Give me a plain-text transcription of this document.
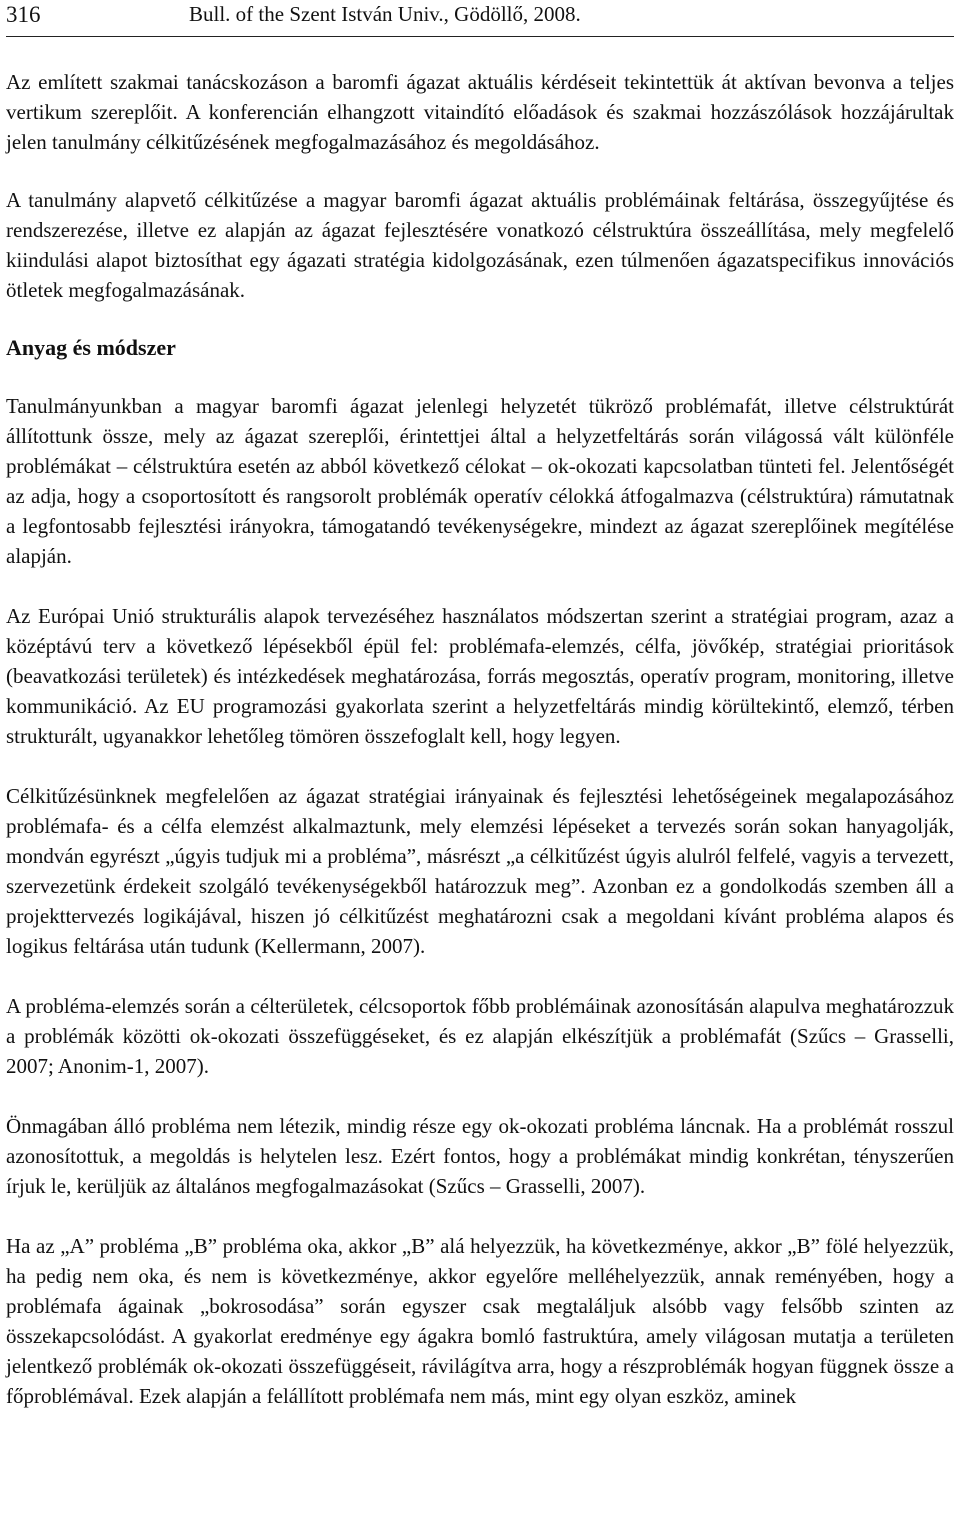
316	Bull. of the Szent István Univ., Gödöllő, 2008.

Az említett szakmai tanácskozáson a baromfi ágazat aktuális kérdéseit tekintettük át aktívan bevonva a teljes vertikum szereplőit. A konferencián elhangzott vitaindító előadások és szakmai hozzászólások hozzájárultak jelen tanulmány célkitűzésének megfogalmazásához és megoldásához.

A tanulmány alapvető célkitűzése a magyar baromfi ágazat aktuális problémáinak feltárása, összegyűjtése és rendszerezése, illetve ez alapján az ágazat fejlesztésére vonatkozó célstruktúra összeállítása, mely megfelelő kiindulási alapot biztosíthat egy ágazati stratégia kidolgozásának, ezen túlmenően ágazatspecifikus innovációs ötletek megfogalmazásának.

Anyag és módszer

Tanulmányunkban a magyar baromfi ágazat jelenlegi helyzetét tükröző problémafát, illetve célstruktúrát állítottunk össze, mely az ágazat szereplői, érintettjei által a helyzetfeltárás során világossá vált különféle problémákat – célstruktúra esetén az abból következő célokat – ok-okozati kapcsolatban tünteti fel. Jelentőségét az adja, hogy a csoportosított és rangsorolt problémák operatív célokká átfogalmazva (célstruktúra) rámutatnak a legfontosabb fejlesztési irányokra, támogatandó tevékenységekre, mindezt az ágazat szereplőinek megítélése alapján.

Az Európai Unió strukturális alapok tervezéséhez használatos módszertan szerint a stratégiai program, azaz a középtávú terv a következő lépésekből épül fel: problémafa-elemzés, célfa, jövőkép, stratégiai prioritások (beavatkozási területek) és intézkedések meghatározása, forrás megosztás, operatív program, monitoring, illetve kommunikáció. Az EU programozási gyakorlata szerint a helyzetfeltárás mindig körültekintő, elemző, térben strukturált, ugyanakkor lehetőleg tömören összefoglalt kell, hogy legyen.

Célkitűzésünknek megfelelően az ágazat stratégiai irányainak és fejlesztési lehetőségeinek megalapozásához problémafa- és a célfa elemzést alkalmaztunk, mely elemzési lépéseket a tervezés során sokan hanyagolják, mondván egyrészt „úgyis tudjuk mi a probléma”, másrészt „a célkitűzést úgyis alulról felfelé, vagyis a tervezett, szervezetünk érdekeit szolgáló tevékenységekből határozzuk meg”. Azonban ez a gondolkodás szemben áll a projekttervezés logikájával, hiszen jó célkitűzést meghatározni csak a megoldani kívánt probléma alapos és logikus feltárása után tudunk (Kellermann, 2007).

A probléma-elemzés során a célterületek, célcsoportok főbb problémáinak azonosításán alapulva meghatározzuk a problémák közötti ok-okozati összefüggéseket, és ez alapján elkészítjük a problémafát (Szűcs – Grasselli, 2007; Anonim-1, 2007).

Önmagában álló probléma nem létezik, mindig része egy ok-okozati probléma láncnak. Ha a problémát rosszul azonosítottuk, a megoldás is helytelen lesz. Ezért fontos, hogy a problémákat mindig konkrétan, tényszerűen írjuk le, kerüljük az általános megfogalmazásokat (Szűcs – Grasselli, 2007).

Ha az „A” probléma „B” probléma oka, akkor „B” alá helyezzük, ha következménye, akkor „B” fölé helyezzük, ha pedig nem oka, és nem is következménye, akkor egyelőre melléhelyezzük, annak reményében, hogy a problémafa ágainak „bokrosodása” során egyszer csak megtaláljuk alsóbb vagy felsőbb szinten az összekapcsolódást. A gyakorlat eredménye egy ágakra bomló fastruktúra, amely világosan mutatja a területen jelentkező problémák ok-okozati összefüggéseit, rávilágítva arra, hogy a részproblémák hogyan függnek össze a főproblémával. Ezek alapján a felállított problémafa nem más, mint egy olyan eszköz, aminek
